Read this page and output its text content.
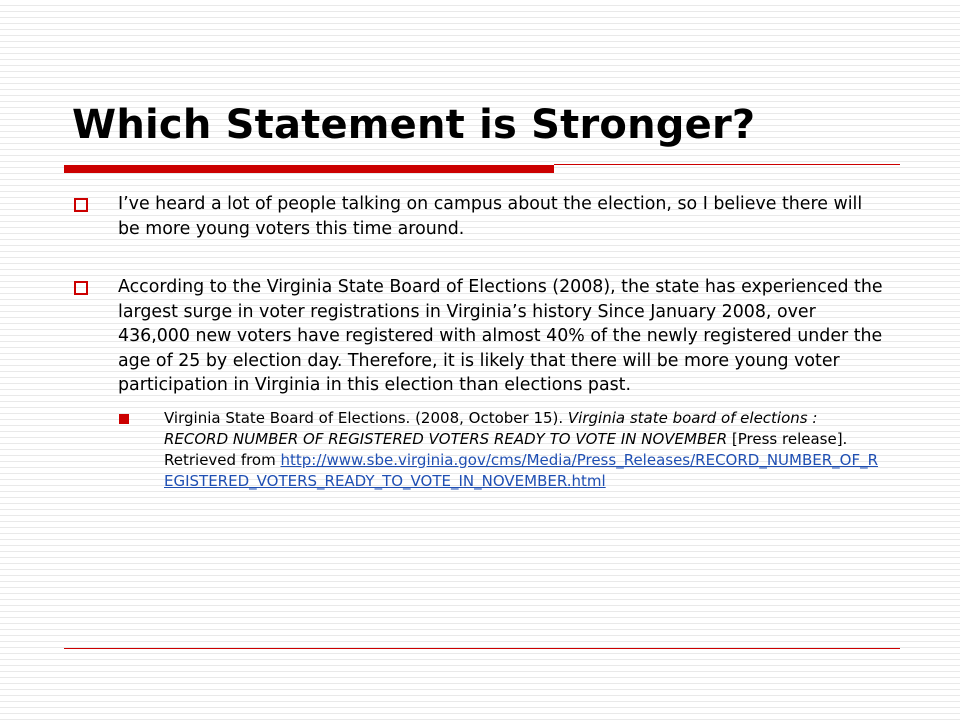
Which Statement is Stronger?
I’ve heard a lot of people talking on campus about the election, so I believe there will be more young voters this time around.
According to the Virginia State Board of Elections (2008), the state has experienced the largest surge in voter registrations in Virginia’s history Since January 2008, over 436,000 new voters have registered with almost 40% of the newly registered under the age of 25 by election day. Therefore, it is likely that there will be more young voter participation in Virginia in this election than elections past.
Virginia State Board of Elections. (2008, October 15). Virginia state board of elections : RECORD NUMBER OF REGISTERED VOTERS READY TO VOTE IN NOVEMBER [Press release]. Retrieved from http://www.sbe.virginia.gov/cms/Media/Press_Releases/RECORD_NUMBER_OF_REGISTERED_VOTERS_READY_TO_VOTE_IN_NOVEMBER.html
